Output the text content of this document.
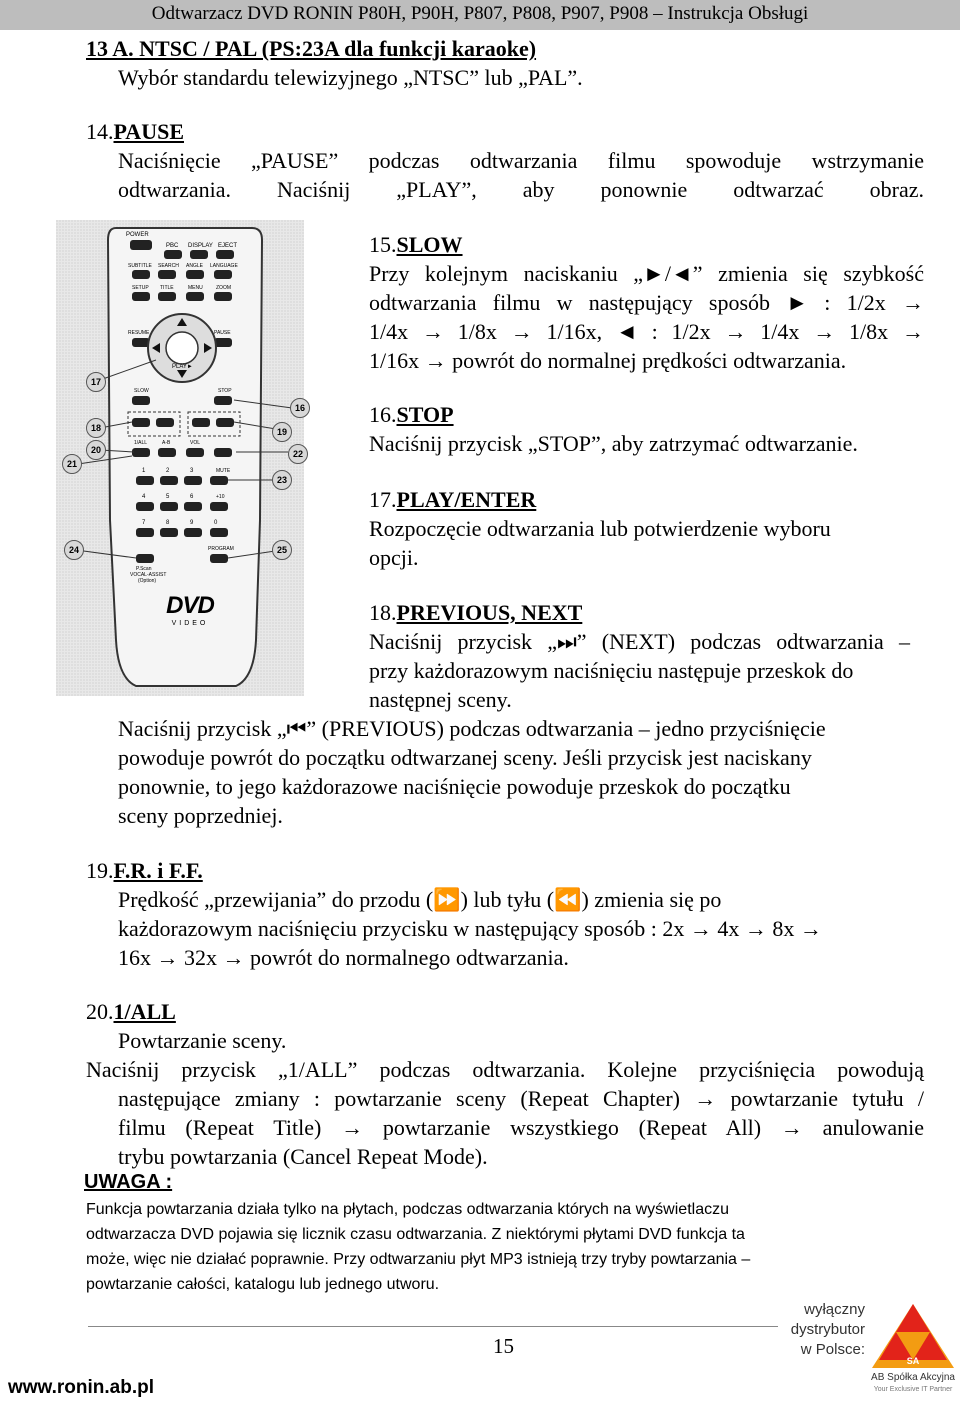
Odtwarzacz DVD RONIN P80H, P90H, P807, P808, P907, P908 – Instrukcja Obsługi
13 A. NTSC / PAL (PS:23A dla funkcji karaoke)
Wybór standardu telewizyjnego „NTSC” lub „PAL”.
14.PAUSE
Naciśnięcie „PAUSE” podczas odtwarzania filmu spowoduje wstrzymanie
odtwarzania. Naciśnij „PLAY”, aby ponownie odtwarzać obraz.
POWER
PBC DISPLAY EJECT
SUBTITLE SEARCH ANGLE LANGUAGE
SETUP TITLE	MENU	ZOOM
RESUME	PAUSE
PLAY►
SLOW	STOP
1/ALL	A-B	VOL
MUTE
+10
PROGRAM
P.Scan
VOCAL-ASSIST
(Option)
1	2	3
4	5	6
7	8	9	0
DVD
VIDEO
17
16
18	19
20
21
22
23
24	25
15.SLOW
Przy kolejnym naciskaniu „►/◄” zmienia się szybkość
odtwarzania filmu w następujący sposób ► : 1/2x →
1/4x → 1/8x → 1/16x, ◄ : 1/2x → 1/4x → 1/8x →
1/16x → powrót do normalnej prędkości odtwarzania.
16.STOP
Naciśnij przycisk „STOP”, aby zatrzymać odtwarzanie.
17.PLAY/ENTER
Rozpoczęcie odtwarzania lub potwierdzenie wyboru
opcji.
18.PREVIOUS, NEXT
Naciśnij przycisk „⏭” (NEXT) podczas odtwarzania –
przy każdorazowym naciśnięciu następuje przeskok do
następnej sceny.
Naciśnij przycisk „⏮” (PREVIOUS) podczas odtwarzania – jedno przyciśnięcie
powoduje powrót do początku odtwarzanej sceny. Jeśli przycisk jest naciskany
ponownie, to jego każdorazowe naciśnięcie powoduje przeskok do początku
sceny poprzedniej.
19.F.R. i F.F.
Prędkość „przewijania” do przodu (⏩) lub tyłu (⏪) zmienia się po
każdorazowym naciśnięciu przycisku w następujący sposób : 2x → 4x → 8x →
16x → 32x → powrót do normalnego odtwarzania.
20.1/ALL
Powtarzanie sceny.
Naciśnij przycisk „1/ALL” podczas odtwarzania. Kolejne przyciśnięcia powodują
następujące zmiany : powtarzanie sceny (Repeat Chapter) → powtarzanie tytułu /
filmu (Repeat Title) → powtarzanie wszystkiego (Repeat All) → anulowanie
trybu powtarzania (Cancel Repeat Mode).
UWAGA :
Funkcja powtarzania działa tylko na płytach, podczas odtwarzania których na wyświetlaczu
odtwarzacza DVD pojawia się licznik czasu odtwarzania. Z niektórymi płytami DVD funkcja ta
może, więc nie działać poprawnie. Przy odtwarzaniu płyt MP3 istnieją trzy tryby powtarzania –
powtarzanie całości, katalogu lub jednego utworu.
15
www.ronin.ab.pl
wyłączny
dystrybutor
w Polsce:
SA
AB Spółka Akcyjna
Your Exclusive IT Partner
